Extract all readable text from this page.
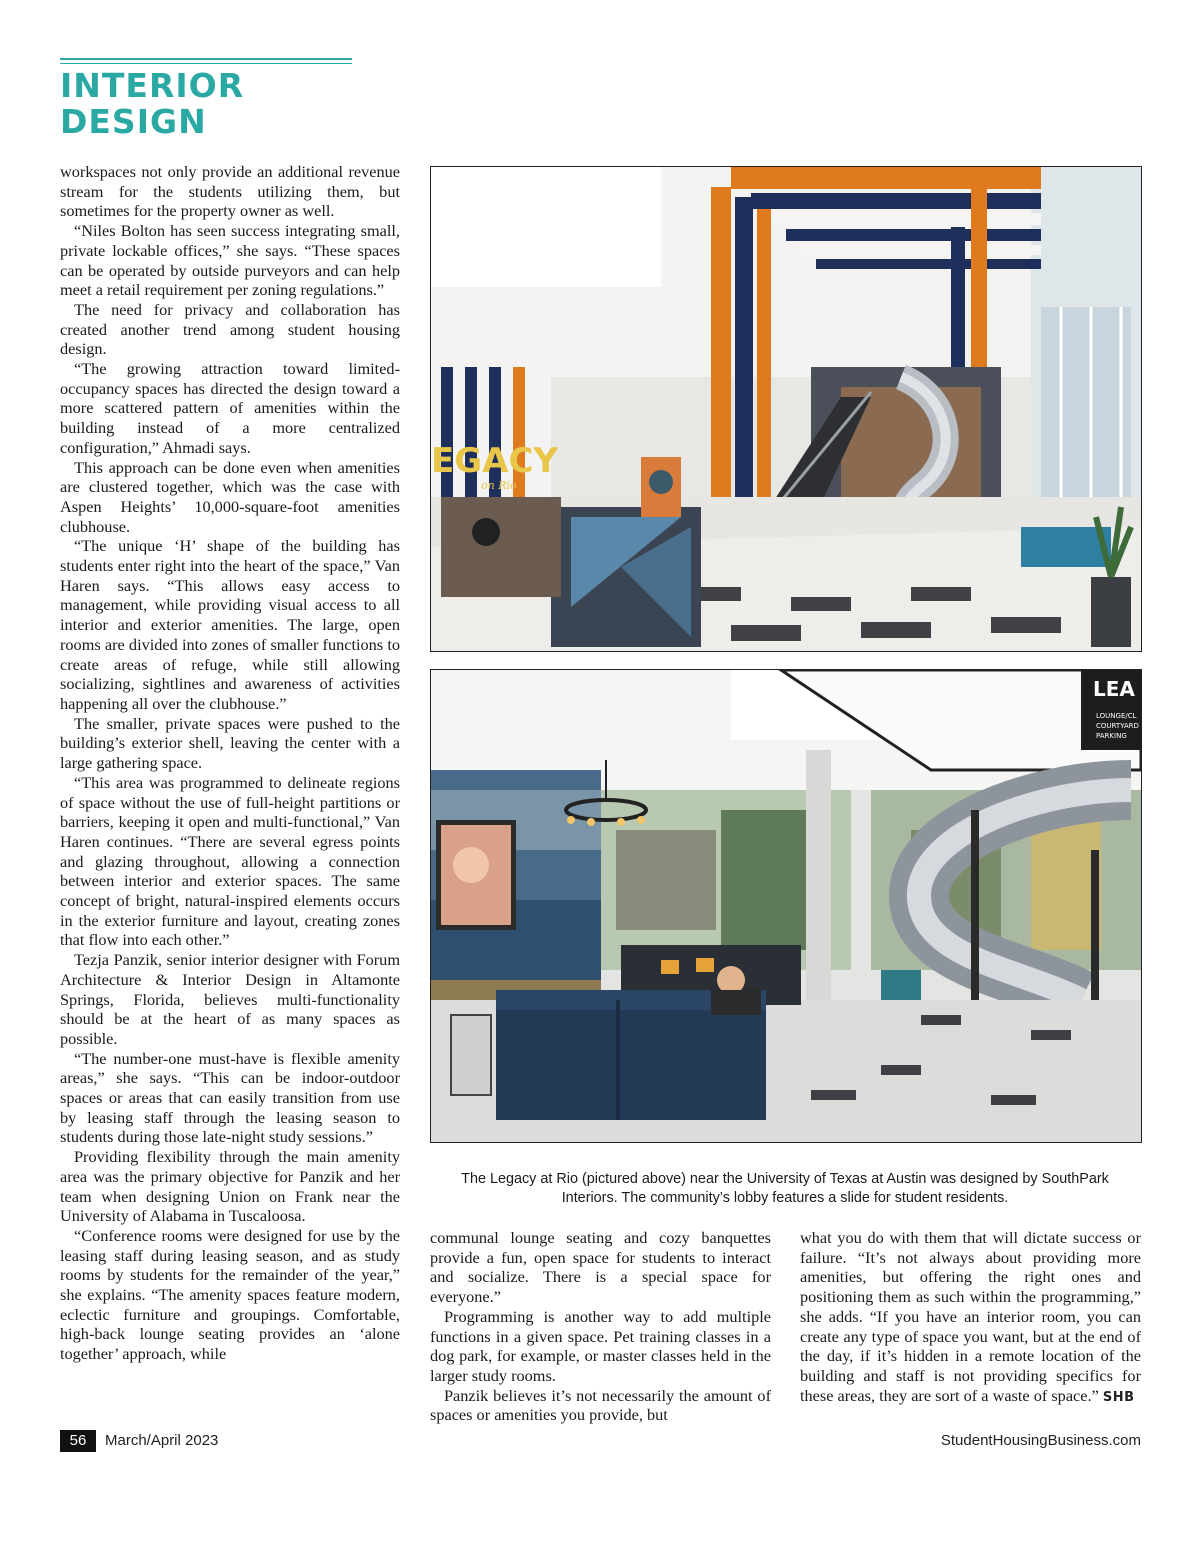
INTERIOR DESIGN

workspaces not only provide an additional revenue stream for the students utilizing them, but sometimes for the property owner as well.

“Niles Bolton has seen success integrating small, private lockable offices,” she says. “These spaces can be operated by outside purveyors and can help meet a retail requirement per zoning regulations.”

The need for privacy and collaboration has created another trend among student housing design.

“The growing attraction toward limited-occupancy spaces has directed the design toward a more scattered pattern of amenities within the building instead of a more centralized configuration,” Ahmadi says.

This approach can be done even when amenities are clustered together, which was the case with Aspen Heights’ 10,000-square-foot amenities clubhouse.

“The unique ‘H’ shape of the building has students enter right into the heart of the space,” Van Haren says. “This allows easy access to management, while providing visual access to all interior and exterior amenities. The large, open rooms are divided into zones of smaller functions to create areas of refuge, while still allowing socializing, sightlines and awareness of activities happening all over the clubhouse.”

The smaller, private spaces were pushed to the building’s exterior shell, leaving the center with a large gathering space.

“This area was programmed to delineate regions of space without the use of full-height partitions or barriers, keeping it open and multi-functional,” Van Haren continues. “There are several egress points and glazing throughout, allowing a connection between interior and exterior spaces. The same concept of bright, natural-inspired elements occurs in the exterior furniture and layout, creating zones that flow into each other.”

Tezja Panzik, senior interior designer with Forum Architecture & Interior Design in Altamonte Springs, Florida, believes multi-functionality should be at the heart of as many spaces as possible.

“The number-one must-have is flexible amenity areas,” she says. “This can be indoor-outdoor spaces or areas that can easily transition from use by leasing staff through the leasing season to students during those late-night study sessions.”

Providing flexibility through the main amenity area was the primary objective for Panzik and her team when designing Union on Frank near the University of Alabama in Tuscaloosa.

“Conference rooms were designed for use by the leasing staff during leasing season, and as study rooms by students for the remainder of the year,” she explains. “The amenity spaces feature modern, eclectic furniture and groupings. Comfortable, high-back lounge seating provides an ‘alone together’ approach, while

EGACY
on Rio
LEA
LOUNGE/CL
COURTYARD
PARKING
The Legacy at Rio (pictured above) near the University of Texas at Austin was designed by SouthPark
Interiors. The community’s lobby features a slide for student residents.

communal lounge seating and cozy banquettes provide a fun, open space for students to interact and socialize. There is a special space for everyone.”

Programming is another way to add multiple functions in a given space. Pet training classes in a dog park, for example, or master classes held in the larger study rooms.

Panzik believes it’s not necessarily the amount of spaces or amenities you provide, but

what you do with them that will dictate success or failure. “It’s not always about providing more amenities, but offering the right ones and positioning them as such within the programming,” she adds. “If you have an interior room, you can create any type of space you want, but at the end of the day, if it’s hidden in a remote location of the building and staff is not providing specifics for these areas, they are sort of a waste of space.” SHB

56	March/April 2023	StudentHousingBusiness.com
